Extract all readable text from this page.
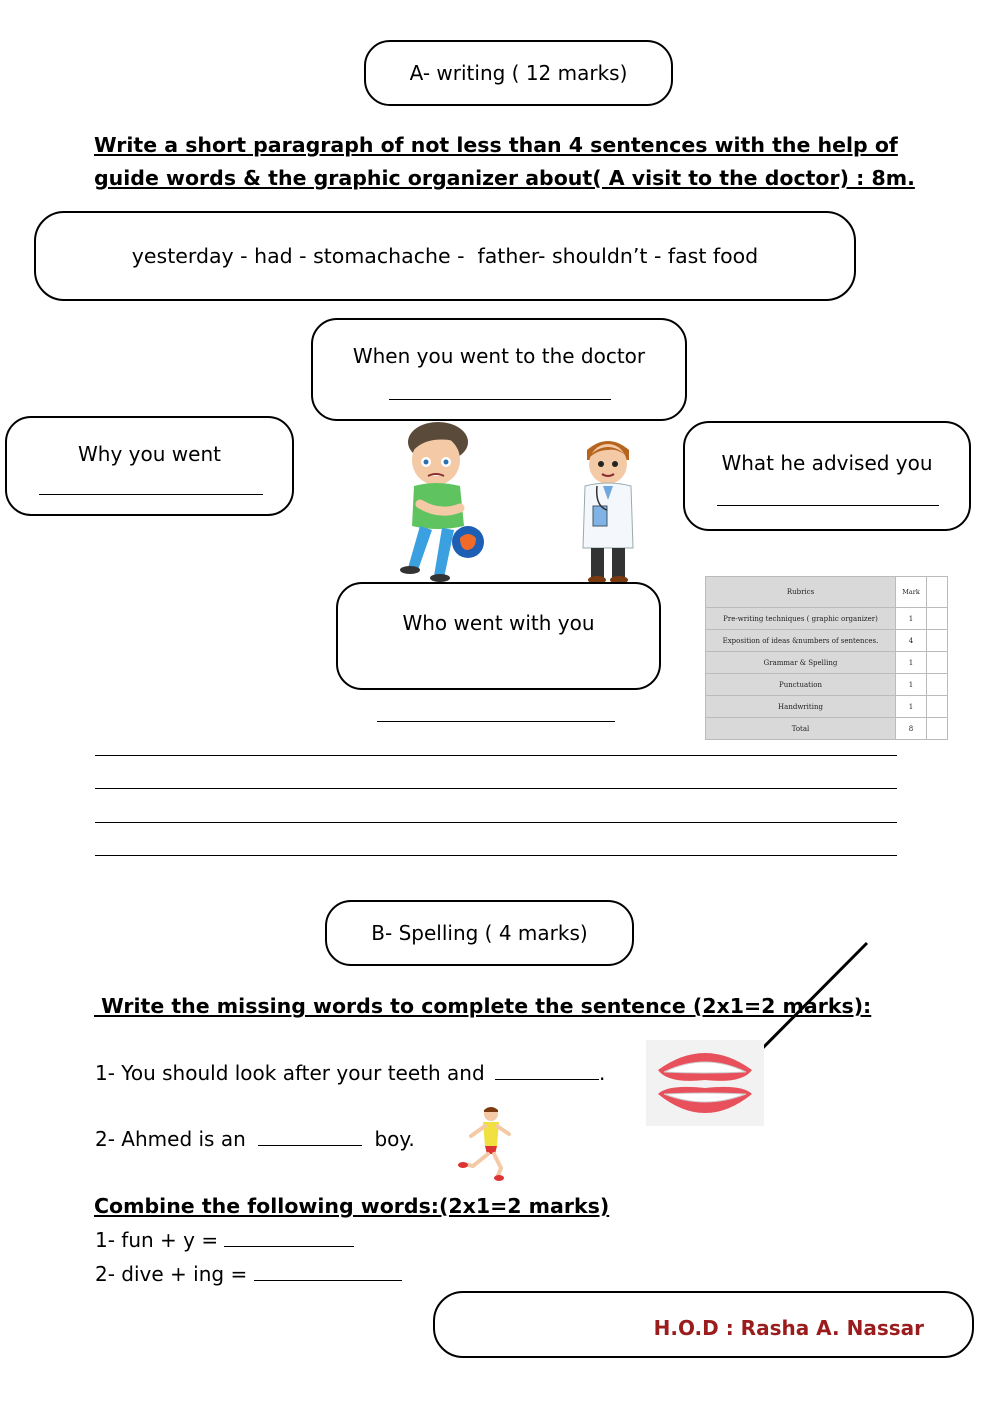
A- writing ( 12 marks)
Write a short paragraph of not less than 4 sentences with the help of
guide words & the graphic organizer about( A visit to the doctor) : 8m.
yesterday - had - stomachache -  father- shouldn’t - fast food
When you went to the doctor
Why you went	What he advised you
Who went with you
Rubrics	Mark	
Pre-writing techniques ( graphic organizer)	1	
Exposition of ideas &numbers of sentences.	4	
Grammar & Spelling	1	
Punctuation	1	
Handwriting	1	
Total	8	
B- Spelling ( 4 marks)
Write the missing words to complete the sentence (2x1=2 marks):
1- You should look after your teeth and	.
2- Ahmed is an	boy.
Combine the following words:(2x1=2 marks)
1- fun + y =
2- dive + ing =
H.O.D : Rasha A. Nassar
